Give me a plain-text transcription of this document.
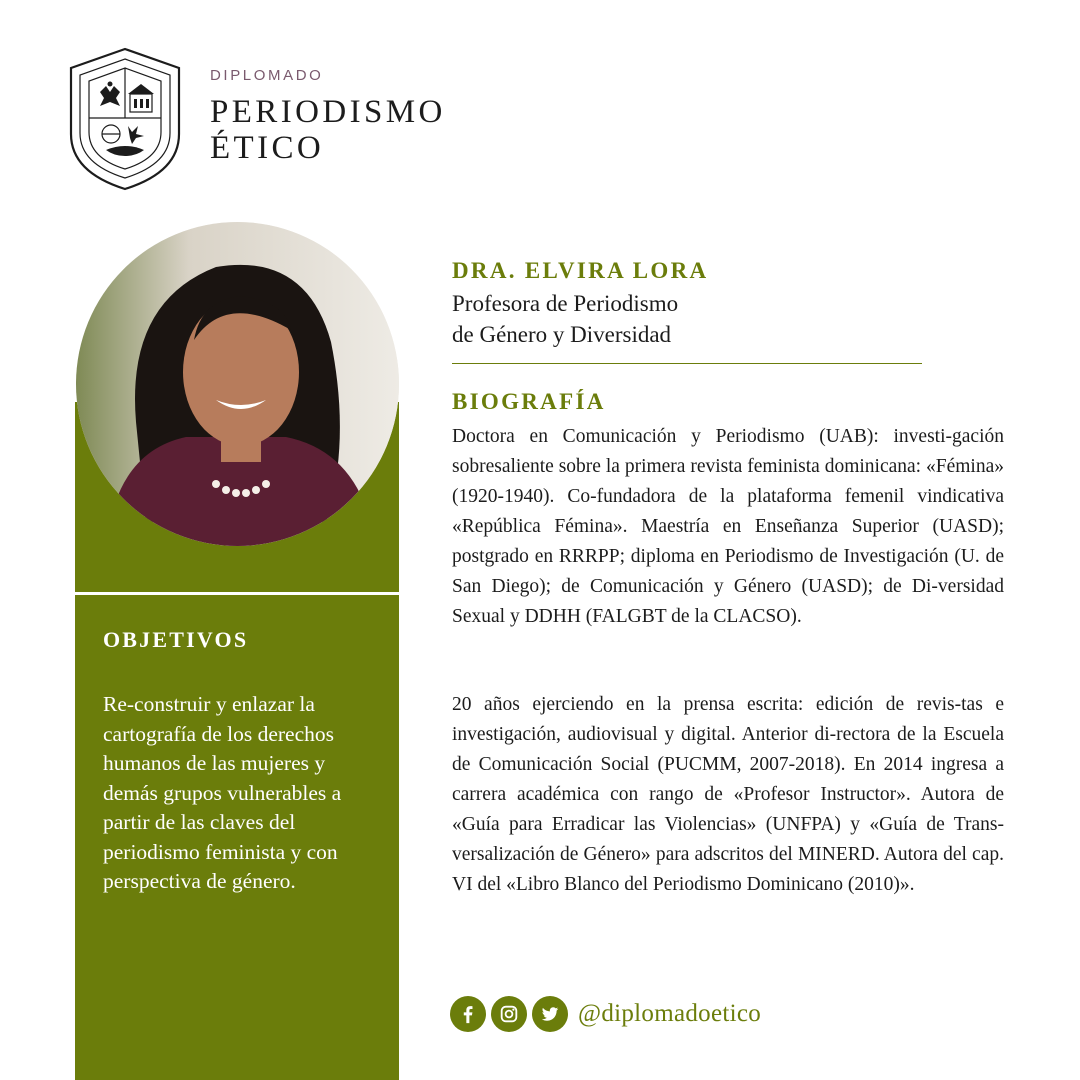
DIPLOMADO
PERIODISMO
ÉTICO
OBJETIVOS
Re-construir y enlazar la cartografía de los derechos humanos de las mujeres y demás grupos vulnerables a partir de las claves del periodismo feminista y con perspectiva de género.
DRA. ELVIRA LORA
Profesora de Periodismo
de Género y Diversidad
BIOGRAFÍA
Doctora en Comunicación y Periodismo (UAB): investi-gación sobresaliente sobre la primera revista feminista dominicana: «Fémina» (1920-1940). Co-fundadora de la plataforma femenil vindicativa «República Fémina». Maestría en Enseñanza Superior (UASD); postgrado en RRRPP; diploma en Periodismo de Investigación (U. de San Diego); de Comunicación y Género (UASD); de Di-versidad Sexual y DDHH (FALGBT de la CLACSO).
20 años ejerciendo en la prensa escrita: edición de revis-tas e investigación, audiovisual y digital. Anterior di-rectora de la Escuela de Comunicación Social (PUCMM, 2007-2018). En 2014 ingresa a carrera académica con rango de «Profesor Instructor». Autora de «Guía para Erradicar las Violencias» (UNFPA) y «Guía de Trans-versalización de Género» para adscritos del MINERD. Autora del cap. VI del «Libro Blanco del Periodismo Dominicano (2010)».
@diplomadoetico
